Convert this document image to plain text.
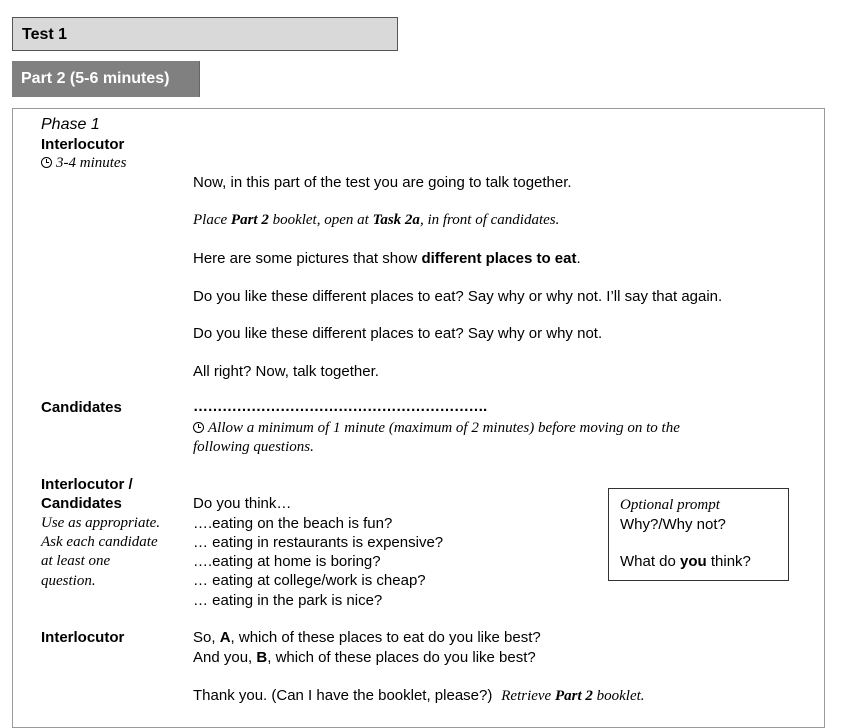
Test 1
Part 2 (5-6 minutes)
Phase 1
Interlocutor
3-4 minutes
Now, in this part of the test you are going to talk together.
Place Part 2 booklet, open at Task 2a, in front of candidates.
Here are some pictures that show different places to eat.
Do you like these different places to eat? Say why or why not. I’ll say that again.
Do you like these different places to eat? Say why or why not.
All right? Now, talk together.
Candidates	…………………………………………………….
Allow a minimum of 1 minute (maximum of 2 minutes) before moving on to the
following questions.
Interlocutor /
Candidates
Use as appropriate.
Ask each candidate
at least one
question.
Do you think…
….eating on the beach is fun?
… eating in restaurants is expensive?
….eating at home is boring?
… eating at college/work is cheap?
… eating in the park is nice?
Optional prompt
Why?/Why not?
What do you think?
Interlocutor	So, A, which of these places to eat do you like best?
And you, B, which of these places do you like best?
Thank you. (Can I have the booklet, please?) Retrieve Part 2 booklet.
